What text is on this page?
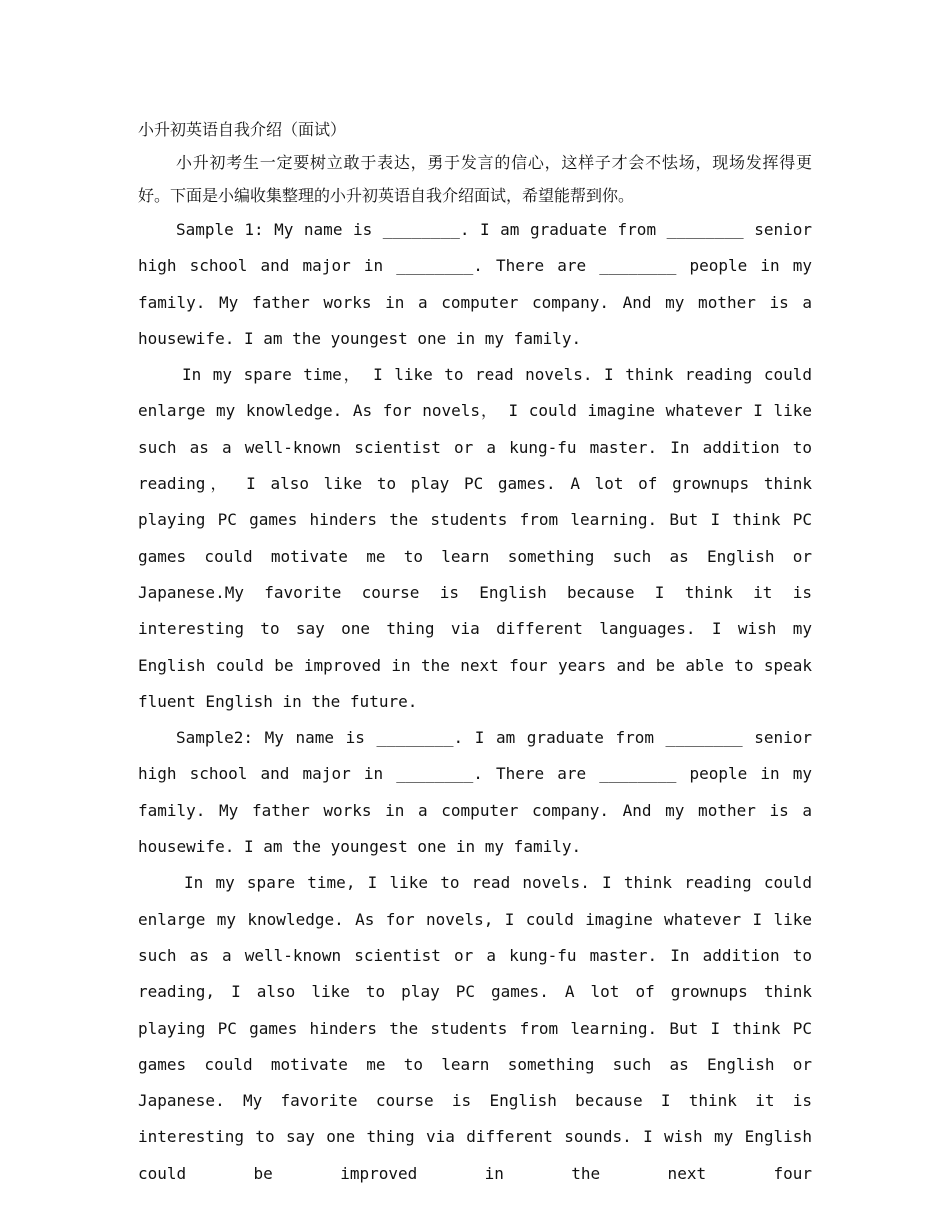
小升初英语自我介绍（面试）

小升初考生一定要树立敢于表达，勇于发言的信心，这样子才会不怯场，现场发挥得更好。下面是小编收集整理的小升初英语自我介绍面试，希望能帮到你。

Sample 1: My name is ________. I am graduate from ________ senior high school and major in ________. There are ________ people in my family. My father works in a computer company. And my mother is a housewife. I am the youngest one in my family.

In my spare time， I like to read novels. I think reading could enlarge my knowledge. As for novels， I could imagine whatever I like such as a well-known scientist or a kung-fu master. In addition to reading， I also like to play PC games. A lot of grownups think playing PC games hinders the students from learning. But I think PC games could motivate me to learn something such as English or Japanese.My favorite course is English because I think it is interesting to say one thing via different languages. I wish my English could be improved in the next four years and be able to speak fluent English in the future.

Sample2: My name is ________. I am graduate from ________ senior high school and major in ________. There are ________ people in my family. My father works in a computer company. And my mother is a housewife. I am the youngest one in my family.

In my spare time, I like to read novels. I think reading could enlarge my knowledge. As for novels, I could imagine whatever I like such as a well-known scientist or a kung-fu master. In addition to reading, I also like to play PC games. A lot of grownups think playing PC games hinders the students from learning. But I think PC games could motivate me to learn something such as English or Japanese. My favorite course is English because I think it is interesting to say one thing via different sounds. I wish my English could be improved in the next four
